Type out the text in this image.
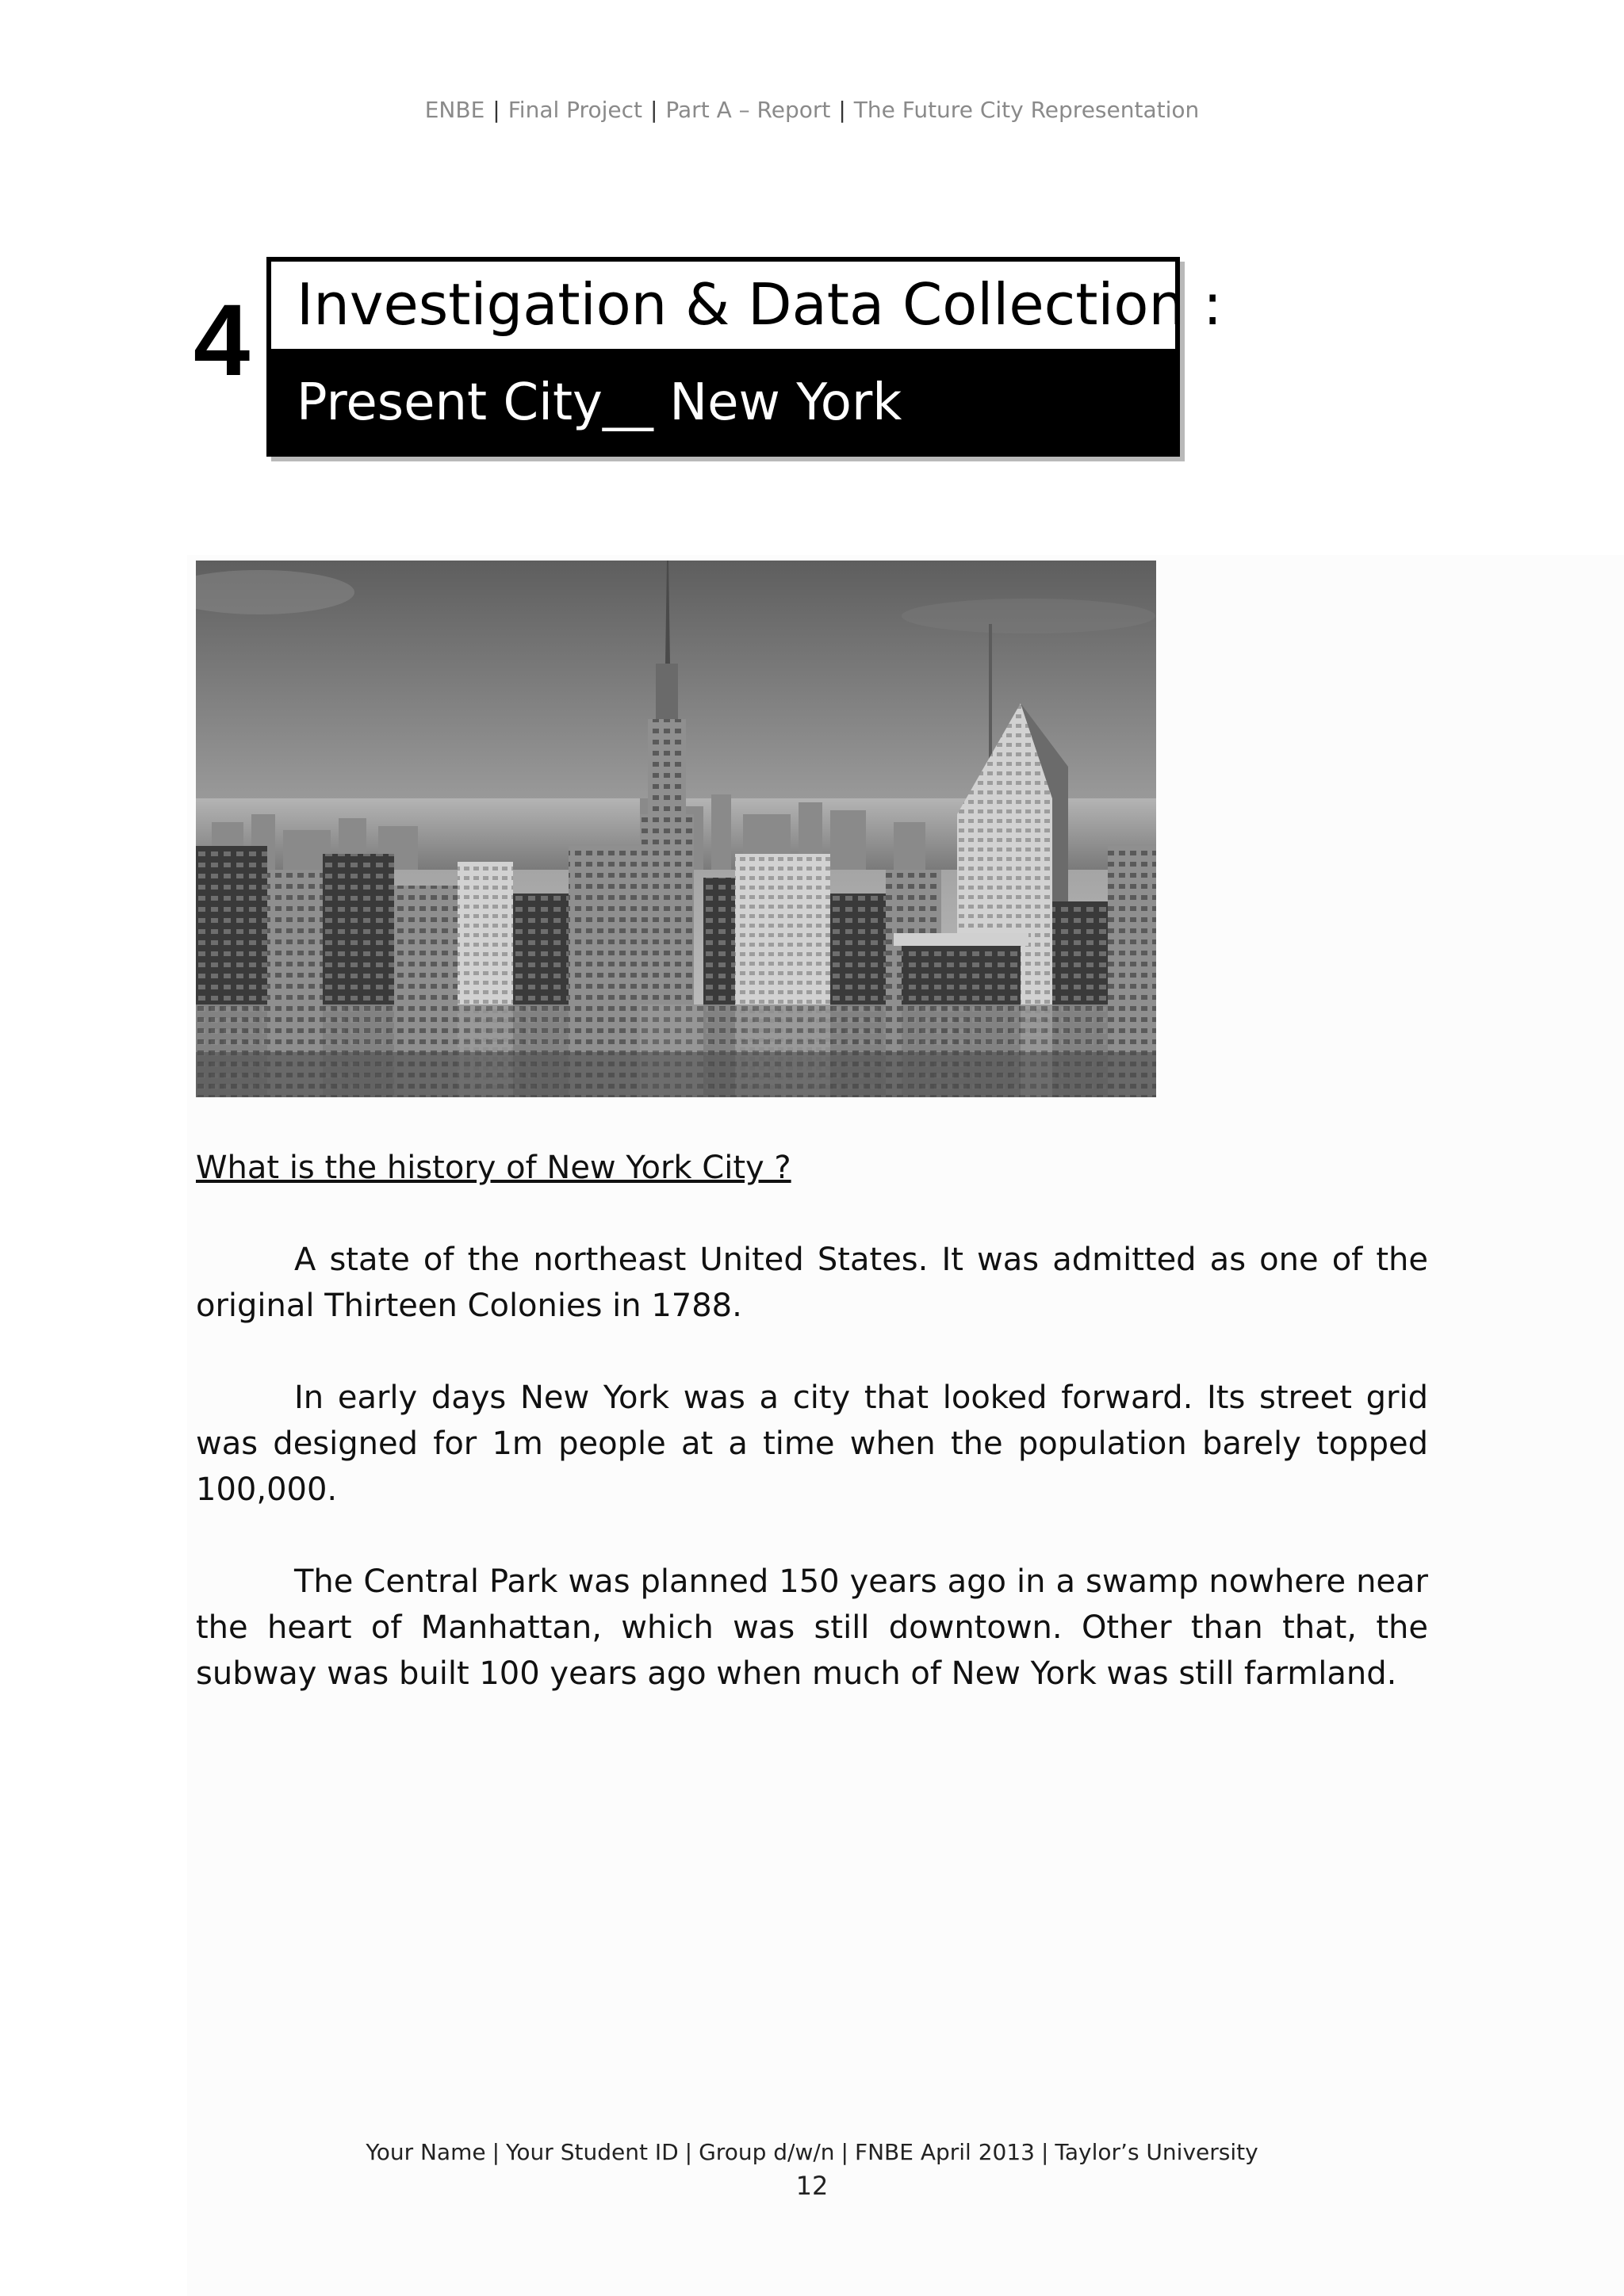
ENBE | Final Project | Part A – Report | The Future City Representation
4 Investigation & Data Collection :
Present City__ New York

What is the history of New York City ?

A state of the northeast United States. It was admitted as one of the original Thirteen Colonies in 1788.

In early days New York was a city that looked forward. Its street grid was designed for 1m people at a time when the population barely topped 100,000.

The Central Park was planned 150 years ago in a swamp nowhere near the heart of Manhattan, which was still downtown. Other than that, the subway was built 100 years ago when much of New York was still farmland.

Your Name | Your Student ID | Group d/w/n | FNBE April 2013 | Taylor’s University
12
